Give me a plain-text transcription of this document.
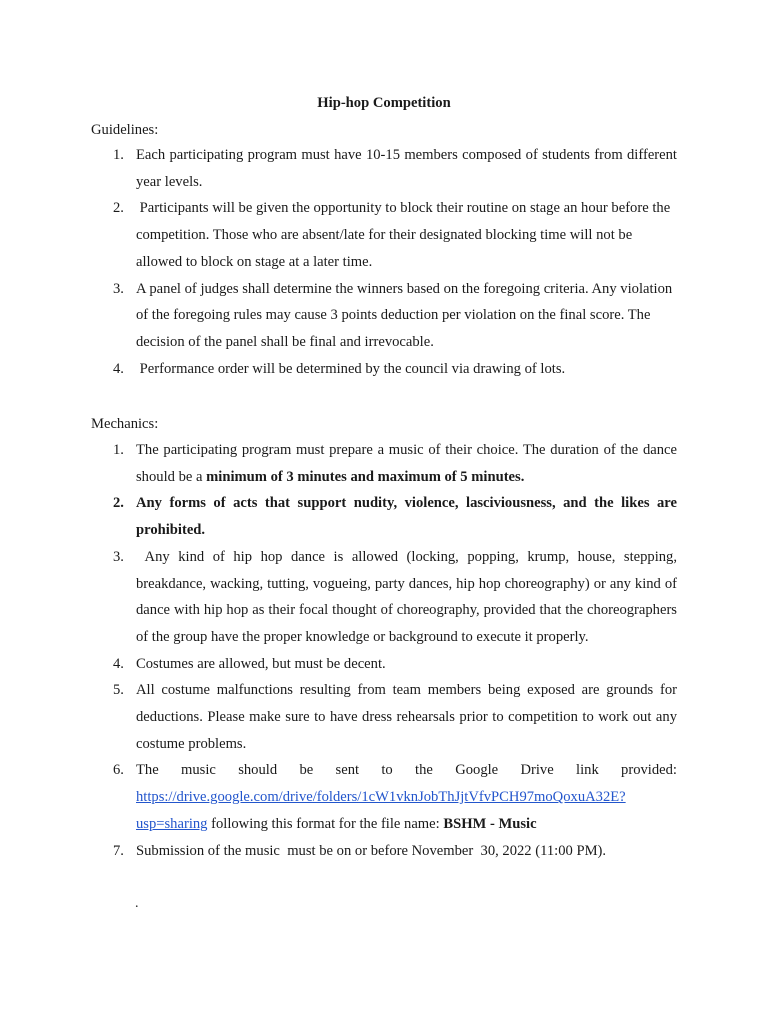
Hip-hop Competition
Guidelines:
1. Each participating program must have 10-15 members composed of students from different year levels.
2. Participants will be given the opportunity to block their routine on stage an hour before the competition. Those who are absent/late for their designated blocking time will not be allowed to block on stage at a later time.
3. A panel of judges shall determine the winners based on the foregoing criteria. Any violation of the foregoing rules may cause 3 points deduction per violation on the final score. The decision of the panel shall be final and irrevocable.
4. Performance order will be determined by the council via drawing of lots.
Mechanics:
1. The participating program must prepare a music of their choice. The duration of the dance should be a minimum of 3 minutes and maximum of 5 minutes.
2. Any forms of acts that support nudity, violence, lasciviousness, and the likes are prohibited.
3. Any kind of hip hop dance is allowed (locking, popping, krump, house, stepping, breakdance, wacking, tutting, vogueing, party dances, hip hop choreography) or any kind of dance with hip hop as their focal thought of choreography, provided that the choreographers of the group have the proper knowledge or background to execute it properly.
4. Costumes are allowed, but must be decent.
5. All costume malfunctions resulting from team members being exposed are grounds for deductions. Please make sure to have dress rehearsals prior to competition to work out any costume problems.
6. The music should be sent to the Google Drive link provided:
https://drive.google.com/drive/folders/1cW1vknJobThJjtVfvPCH97moQoxuA32E?
usp=sharing following this format for the file name: BSHM - Music
7. Submission of the music  must be on or before November  30, 2022 (11:00 PM).
.
